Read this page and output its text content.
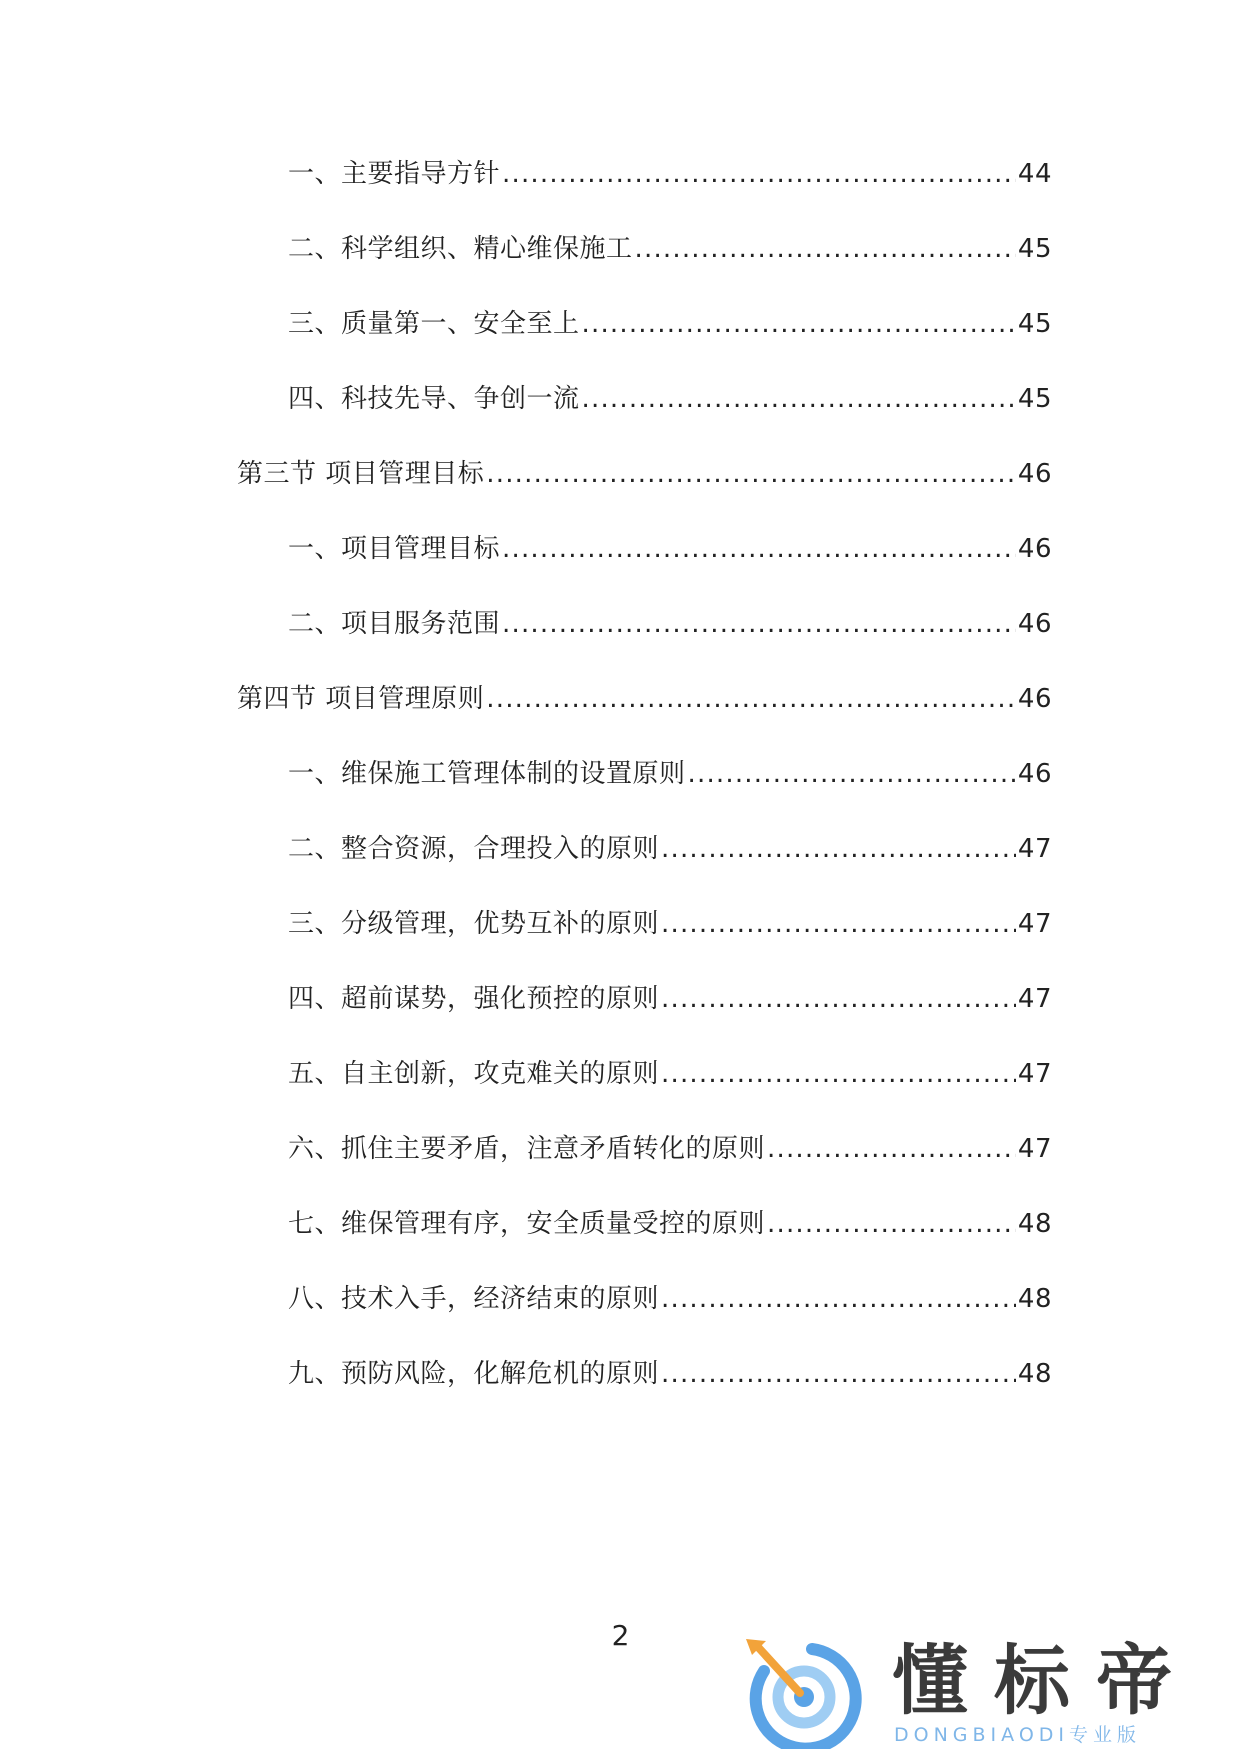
一、主要指导方针 .....	44
二、科学组织、精心维保施工 .....	45
三、质量第一、安全至上 .....	45
四、科技先导、争创一流 .....	45
第三节 项目管理目标 .....	46
一、项目管理目标 .....	46
二、项目服务范围 .....	46
第四节 项目管理原则 .....	46
一、维保施工管理体制的设置原则 .....	46
二、整合资源，合理投入的原则 .....	47
三、分级管理，优势互补的原则 .....	47
四、超前谋势，强化预控的原则 .....	47
五、自主创新，攻克难关的原则 .....	47
六、抓住主要矛盾，注意矛盾转化的原则 .....	47
七、维保管理有序，安全质量受控的原则 .....	48
八、技术入手，经济结束的原则 .....	48
九、预防风险，化解危机的原则 .....	48
2
懂标帝
DONGBIAODI专业版
